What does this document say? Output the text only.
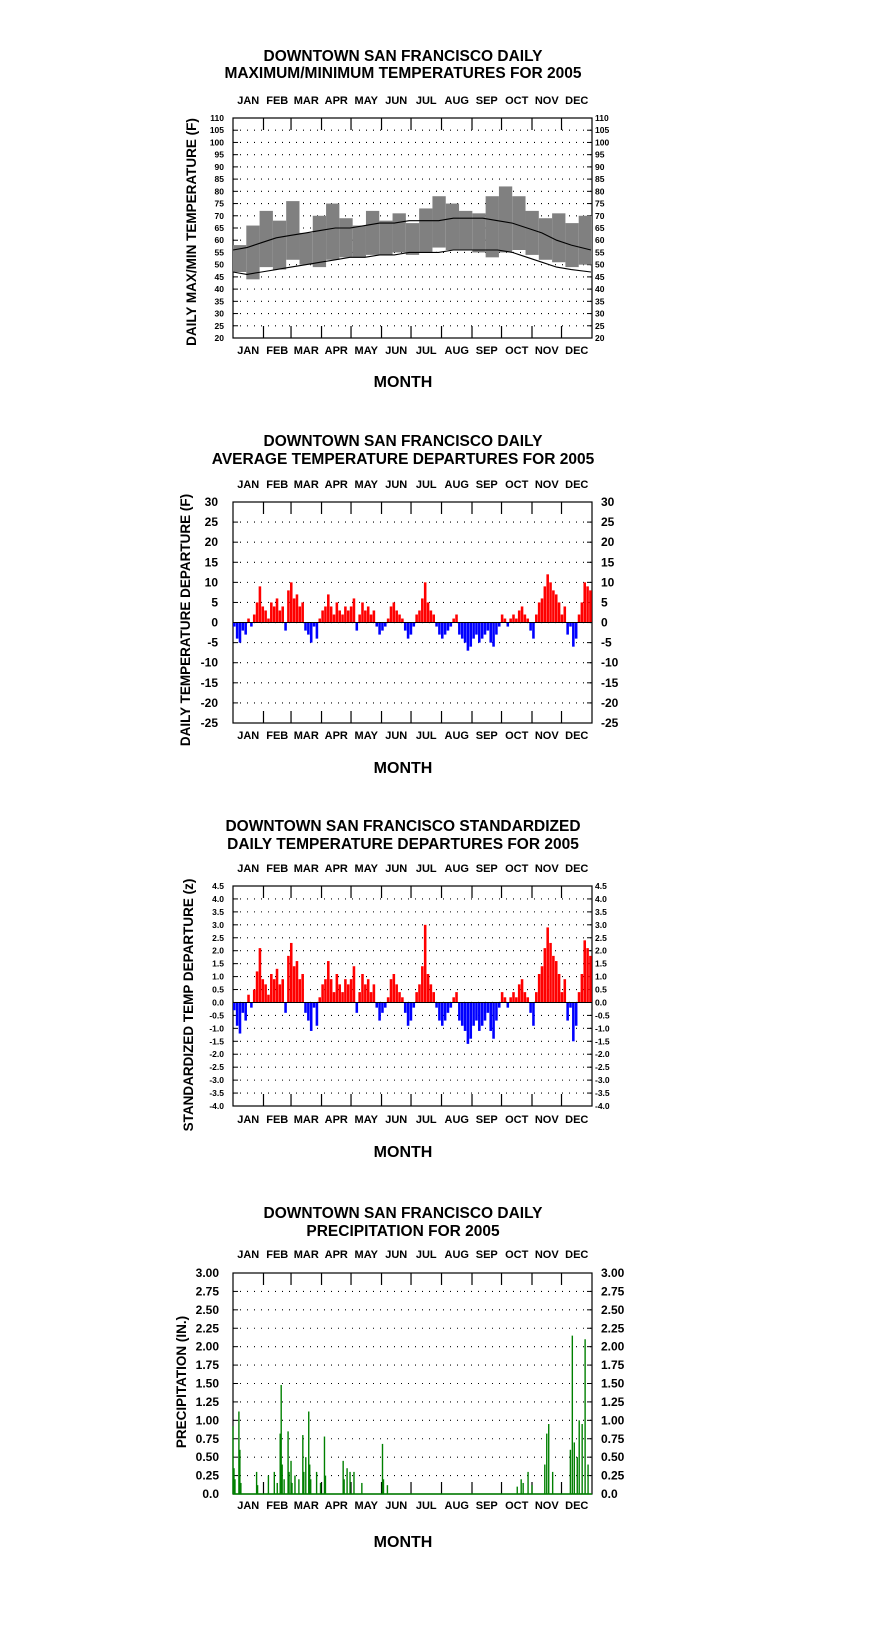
DOWNTOWN SAN FRANCISCO DAILY
MAXIMUM/MINIMUM TEMPERATURES FOR 2005
JAN FEB MAR APR MAY JUN JUL AUG SEP OCT NOV DEC
JAN FEB MAR APR MAY JUN JUL AUG SEP OCT NOV DEC
110
105
100
95
90
85
80
75
70
65
60
55
50
45
40
35
30
25
20
110
105
100
95
90
85
80
75
70
65
60
55
50
45
40
35
30
25
20
MONTH
DAILY MAX/MIN TEMPERATURE (F)
DOWNTOWN SAN FRANCISCO DAILY
AVERAGE TEMPERATURE DEPARTURES FOR 2005
JAN FEB MAR APR MAY JUN JUL AUG SEP OCT NOV DEC
JAN FEB MAR APR MAY JUN JUL AUG SEP OCT NOV DEC
30
25
20
15
10
5
0
-5
-10
-15
-20
-25
30
25
20
15
10
5
0
-5
-10
-15
-20
-25
MONTH
DAILY TEMPERATURE DEPARTURE (F)
DOWNTOWN SAN FRANCISCO STANDARDIZED
DAILY TEMPERATURE DEPARTURES FOR 2005
JAN FEB MAR APR MAY JUN JUL AUG SEP OCT NOV DEC
JAN FEB MAR APR MAY JUN JUL AUG SEP OCT NOV DEC
4.5
4.0
3.5
3.0
2.5
2.0
1.5
1.0
0.5
0.0
-0.5
-1.0
-1.5
-2.0
-2.5
-3.0
-3.5
-4.0
4.5
4.0
3.5
3.0
2.5
2.0
1.5
1.0
0.5
0.0
-0.5
-1.0
-1.5
-2.0
-2.5
-3.0
-3.5
-4.0
MONTH
STANDARDIZED TEMP DEPARTURE (z)
DOWNTOWN SAN FRANCISCO DAILY
PRECIPITATION FOR 2005
JAN FEB MAR APR MAY JUN JUL AUG SEP OCT NOV DEC
JAN FEB MAR APR MAY JUN JUL AUG SEP OCT NOV DEC
3.00
2.75
2.50
2.25
2.00
1.75
1.50
1.25
1.00
0.75
0.50
0.25
0.0
3.00
2.75
2.50
2.25
2.00
1.75
1.50
1.25
1.00
0.75
0.50
0.25
0.0
MONTH
PRECIPITATION (IN.)
